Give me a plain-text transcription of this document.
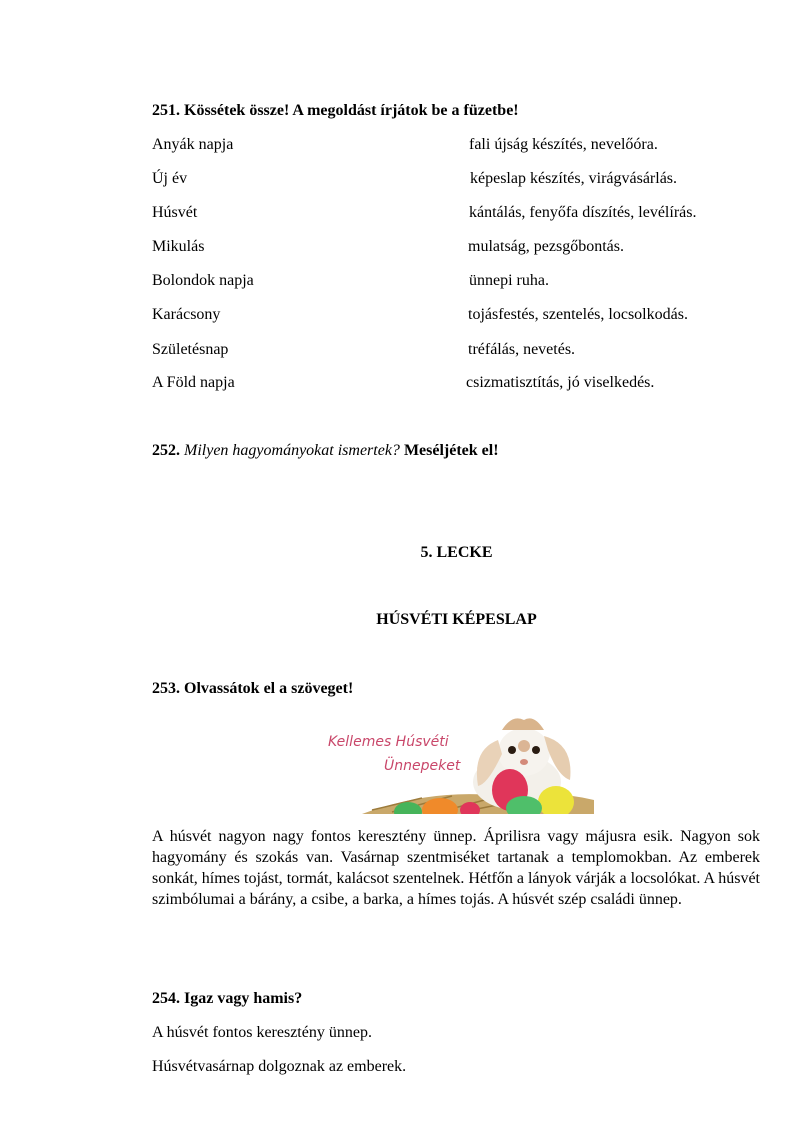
251. Kössétek össze! A megoldást írjátok be a füzetbe!
Anyák napja
Új év
Húsvét
Mikulás
Bolondok napja
Karácsony
Születésnap
A Föld napja
fali újság készítés, nevelőóra.
képeslap készítés, virágvásárlás.
kántálás, fenyőfa díszítés, levélírás.
mulatság, pezsgőbontás.
ünnepi ruha.
tojásfestés, szentelés, locsolkodás.
tréfálás, nevetés.
csizmatisztítás, jó viselkedés.
252. Milyen hagyományokat ismertek? Meséljétek el!
5. LECKE
HÚSVÉTI KÉPESLAP
253. Olvassátok el a szöveget!
Kellemes Húsvéti
Ünnepeket
A húsvét nagyon nagy fontos keresztény ünnep. Áprilisra vagy májusra esik. Nagyon sok hagyomány és szokás van. Vasárnap szentmiséket tartanak a templomokban. Az emberek sonkát, hímes tojást, tormát, kalácsot szentelnek. Hétfőn a lányok várják a locsolókat. A húsvét szimbólumai a bárány, a csibe, a barka, a hímes tojás. A húsvét szép családi ünnep.
254. Igaz vagy hamis?
A húsvét fontos keresztény ünnep.
Húsvétvasárnap dolgoznak az emberek.
